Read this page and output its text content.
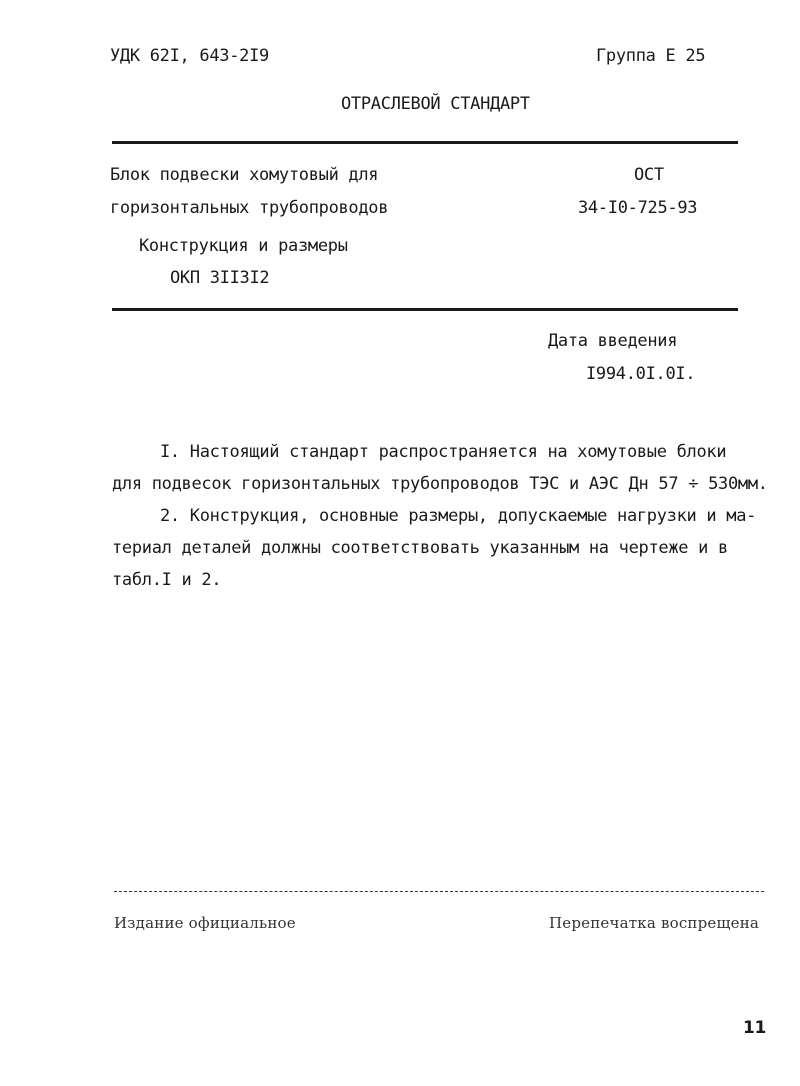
УДК 62I, 643-2I9	Группа Е 25
ОТРАСЛЕВОЙ СТАНДАРТ
Блок подвески хомутовый для
горизонтальных трубопроводов
Конструкция и размеры
ОКП 3II3I2
ОСТ
34-I0-725-93
Дата введения
I994.0I.0I.
I. Настоящий стандарт распространяется на хомутовые блоки
для подвесок горизонтальных трубопроводов ТЭС и АЭС Дн 57 ÷ 530мм.
2. Конструкция, основные размеры, допускаемые нагрузки и ма-
териал деталей должны соответствовать указанным на чертеже и в
табл.I и 2.
Издание официальное	Перепечатка воспрещена
11
